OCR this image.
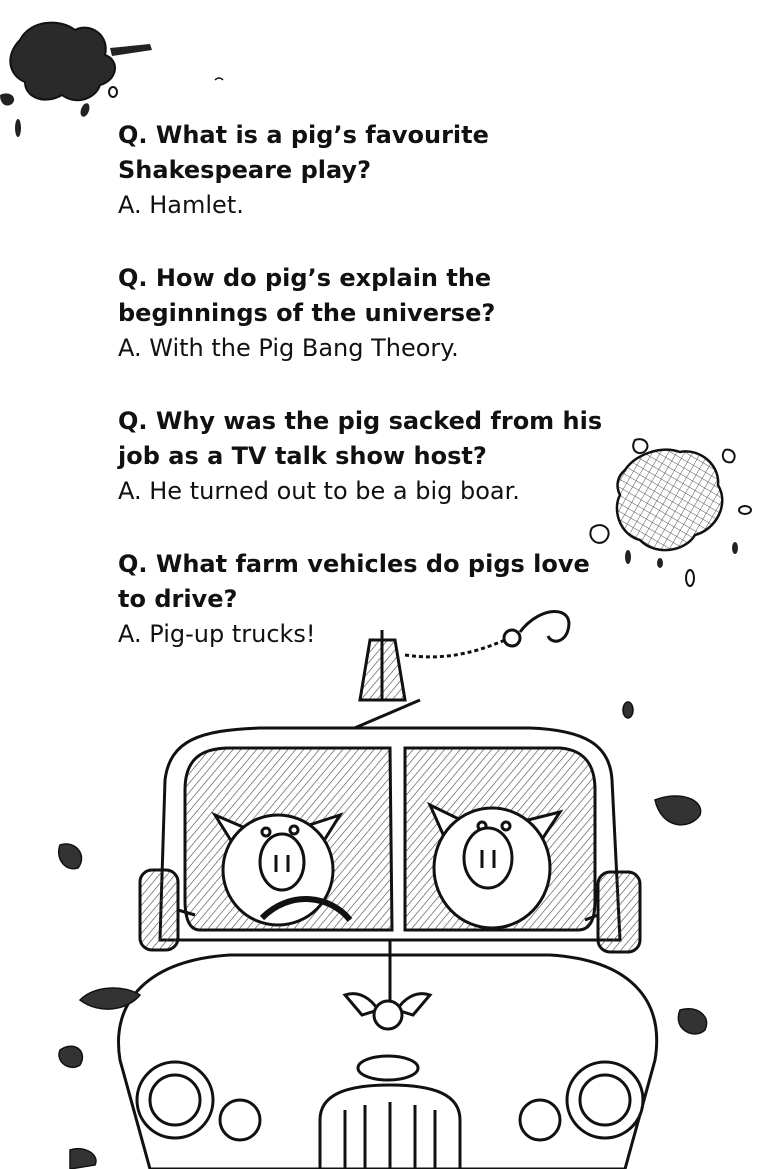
Q. What is a pig’s favourite Shakespeare play?

A. Hamlet.

Q. How do pig’s explain the beginnings of the universe?

A. With the Pig Bang Theory.

Q. Why was the pig sacked from his job as a TV talk show host?

A. He turned out to be a big boar.

Q. What farm vehicles do pigs love to drive?

A. Pig-up trucks!
